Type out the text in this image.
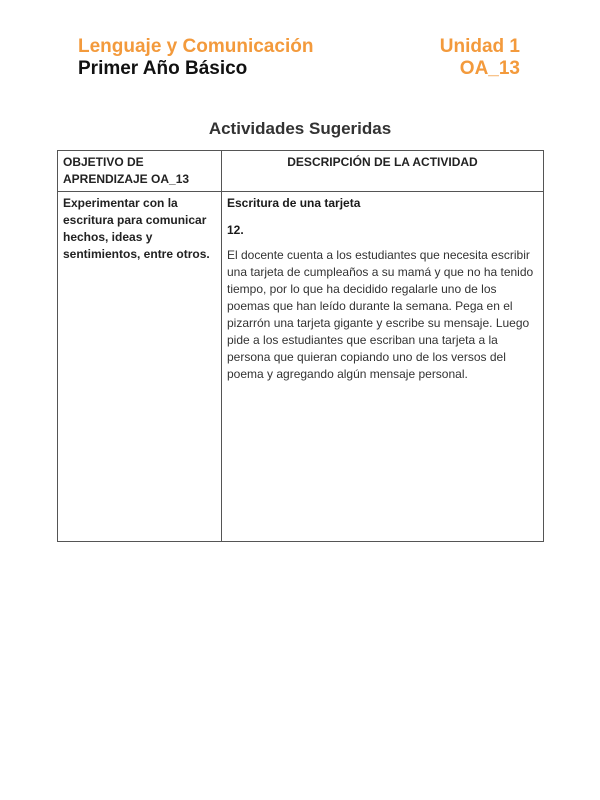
Lenguaje y Comunicación
Primer Año Básico
Unidad 1
OA_13
Actividades Sugeridas
OBJETIVO DE APRENDIZAJE OA_13	DESCRIPCIÓN DE LA ACTIVIDAD
Experimentar con la escritura para comunicar hechos, ideas y sentimientos, entre otros.	Escritura de una tarjeta
12.
El docente cuenta a los estudiantes que necesita escribir una tarjeta de cumpleaños a su mamá y que no ha tenido tiempo, por lo que ha decidido regalarle uno de los poemas que han leído durante la semana. Pega en el pizarrón una tarjeta gigante y escribe su mensaje. Luego pide a los estudiantes que escriban una tarjeta a la persona que quieran copiando uno de los versos del poema y agregando algún mensaje personal.
